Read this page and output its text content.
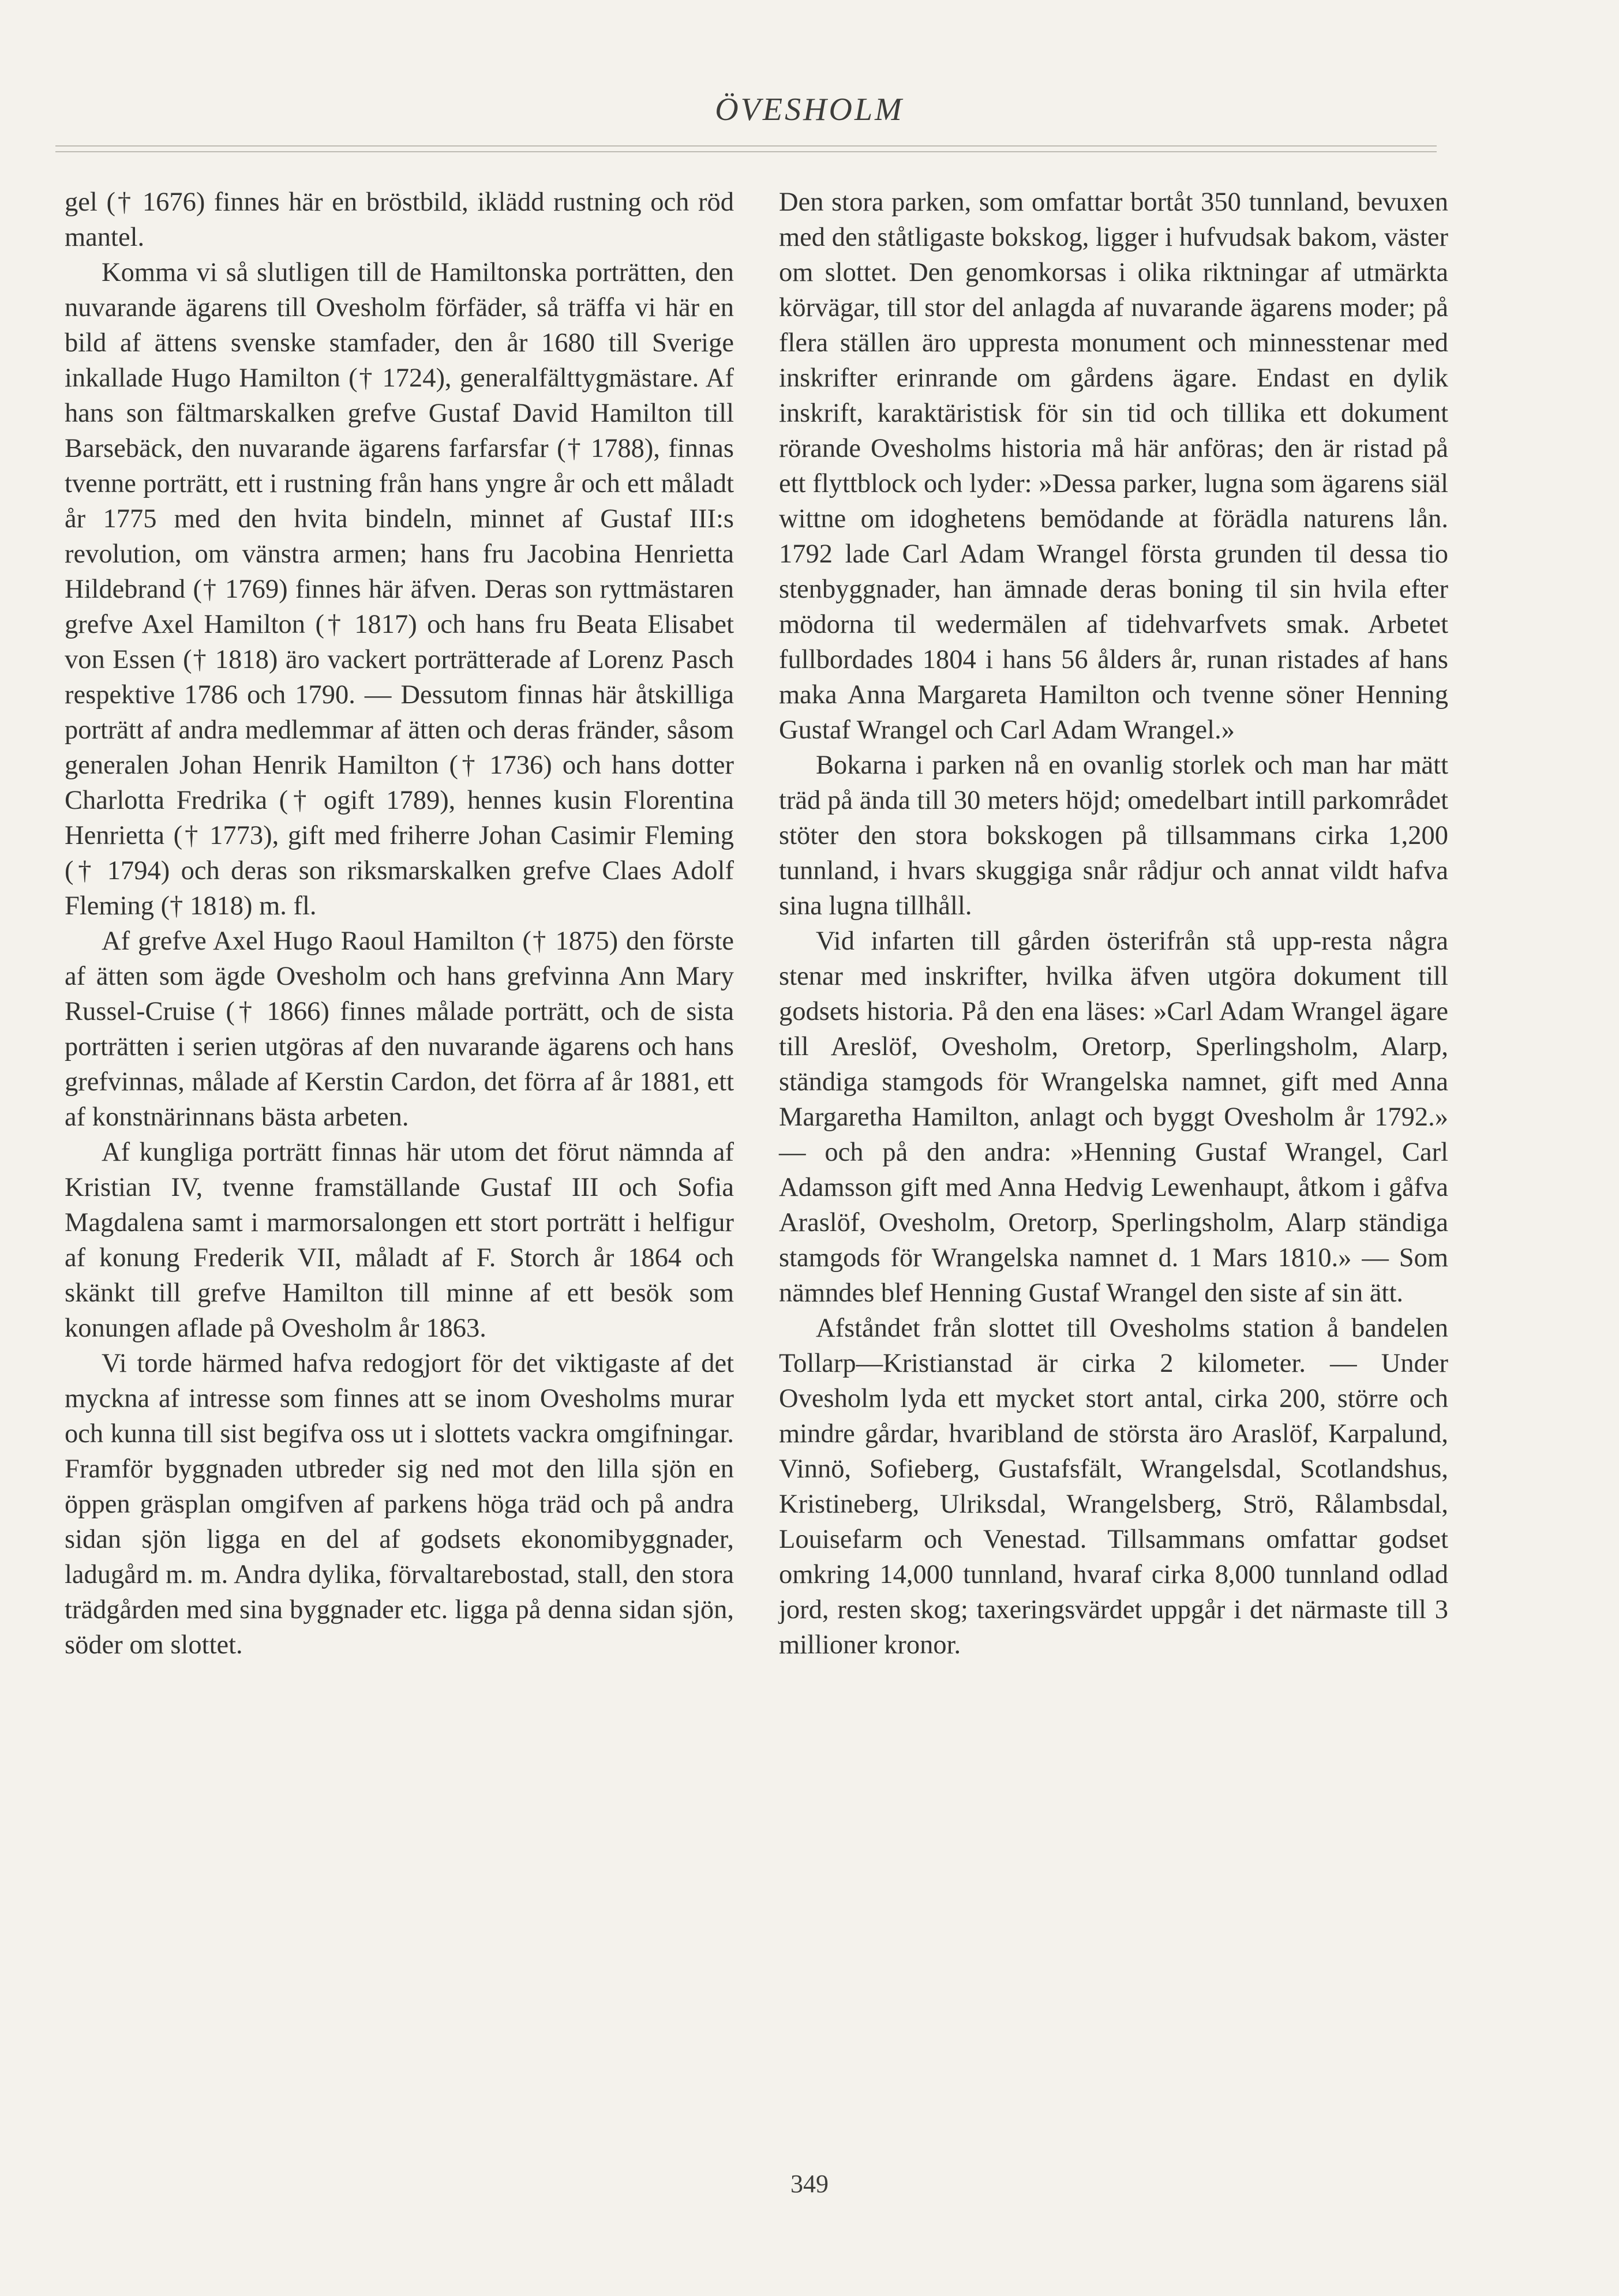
ÖVESHOLM

gel († 1676) finnes här en bröstbild, iklädd rustning och röd mantel.

Komma vi så slutligen till de Hamiltonska porträtten, den nuvarande ägarens till Ovesholm förfäder, så träffa vi här en bild af ättens svenske stamfader, den år 1680 till Sverige inkallade Hugo Hamilton († 1724), generalfälttygmästare. Af hans son fältmarskalken grefve Gustaf David Hamilton till Barsebäck, den nuvarande ägarens farfarsfar († 1788), finnas tvenne porträtt, ett i rustning från hans yngre år och ett måladt år 1775 med den hvita bindeln, minnet af Gustaf III:s revolution, om vänstra armen; hans fru Jacobina Henrietta Hildebrand († 1769) finnes här äfven. Deras son ryttmästaren grefve Axel Hamilton († 1817) och hans fru Beata Elisabet von Essen († 1818) äro vackert porträtterade af Lorenz Pasch respektive 1786 och 1790. — Dessutom finnas här åtskilliga porträtt af andra medlemmar af ätten och deras fränder, såsom generalen Johan Henrik Hamilton († 1736) och hans dotter Charlotta Fredrika († ogift 1789), hennes kusin Florentina Henrietta († 1773), gift med friherre Johan Casimir Fleming († 1794) och deras son riksmarskalken grefve Claes Adolf Fleming († 1818) m. fl.

Af grefve Axel Hugo Raoul Hamilton († 1875) den förste af ätten som ägde Ovesholm och hans grefvinna Ann Mary Russel-Cruise († 1866) finnes målade porträtt, och de sista porträtten i serien utgöras af den nuvarande ägarens och hans grefvinnas, målade af Kerstin Cardon, det förra af år 1881, ett af konstnärinnans bästa arbeten.

Af kungliga porträtt finnas här utom det förut nämnda af Kristian IV, tvenne framställande Gustaf III och Sofia Magdalena samt i marmorsalongen ett stort porträtt i helfigur af konung Frederik VII, måladt af F. Storch år 1864 och skänkt till grefve Hamilton till minne af ett besök som konungen aflade på Ovesholm år 1863.

Vi torde härmed hafva redogjort för det viktigaste af det myckna af intresse som finnes att se inom Ovesholms murar och kunna till sist begifva oss ut i slottets vackra omgifningar. Framför byggnaden utbreder sig ned mot den lilla sjön en öppen gräsplan omgifven af parkens höga träd och på andra sidan sjön ligga en del af godsets ekonomibyggnader, ladugård m. m. Andra dylika, förvaltarebostad, stall, den stora trädgården med sina byggnader etc. ligga på denna sidan sjön, söder om slottet.

Den stora parken, som omfattar bortåt 350 tunnland, bevuxen med den ståtligaste bokskog, ligger i hufvudsak bakom, väster om slottet. Den genomkorsas i olika riktningar af utmärkta körvägar, till stor del anlagda af nuvarande ägarens moder; på flera ställen äro uppresta monument och minnesstenar med inskrifter erinrande om gårdens ägare. Endast en dylik inskrift, karaktäristisk för sin tid och tillika ett dokument rörande Ovesholms historia må här anföras; den är ristad på ett flyttblock och lyder: »Dessa parker, lugna som ägarens siäl wittne om idoghetens bemödande at förädla naturens lån. 1792 lade Carl Adam Wrangel första grunden til dessa tio stenbyggnader, han ämnade deras boning til sin hvila efter mödorna til wedermälen af tidehvarfvets smak. Arbetet fullbordades 1804 i hans 56 ålders år, runan ristades af hans maka Anna Margareta Hamilton och tvenne söner Henning Gustaf Wrangel och Carl Adam Wrangel.»

Bokarna i parken nå en ovanlig storlek och man har mätt träd på ända till 30 meters höjd; omedelbart intill parkområdet stöter den stora bokskogen på tillsammans cirka 1,200 tunnland, i hvars skuggiga snår rådjur och annat vildt hafva sina lugna tillhåll.

Vid infarten till gården österifrån stå upp-resta några stenar med inskrifter, hvilka äfven utgöra dokument till godsets historia. På den ena läses: »Carl Adam Wrangel ägare till Areslöf, Ovesholm, Oretorp, Sperlingsholm, Alarp, ständiga stamgods för Wrangelska namnet, gift med Anna Margaretha Hamilton, anlagt och byggt Ovesholm år 1792.» — och på den andra: »Henning Gustaf Wrangel, Carl Adamsson gift med Anna Hedvig Lewenhaupt, åtkom i gåfva Araslöf, Ovesholm, Oretorp, Sperlingsholm, Alarp ständiga stamgods för Wrangelska namnet d. 1 Mars 1810.» — Som nämndes blef Henning Gustaf Wrangel den siste af sin ätt.

Afståndet från slottet till Ovesholms station å bandelen Tollarp—Kristianstad är cirka 2 kilometer. — Under Ovesholm lyda ett mycket stort antal, cirka 200, större och mindre gårdar, hvaribland de största äro Araslöf, Karpalund, Vinnö, Sofieberg, Gustafsfält, Wrangelsdal, Scotlandshus, Kristineberg, Ulriksdal, Wrangelsberg, Strö, Rålambsdal, Louisefarm och Venestad. Tillsammans omfattar godset omkring 14,000 tunnland, hvaraf cirka 8,000 tunnland odlad jord, resten skog; taxeringsvärdet uppgår i det närmaste till 3 millioner kronor.

349
